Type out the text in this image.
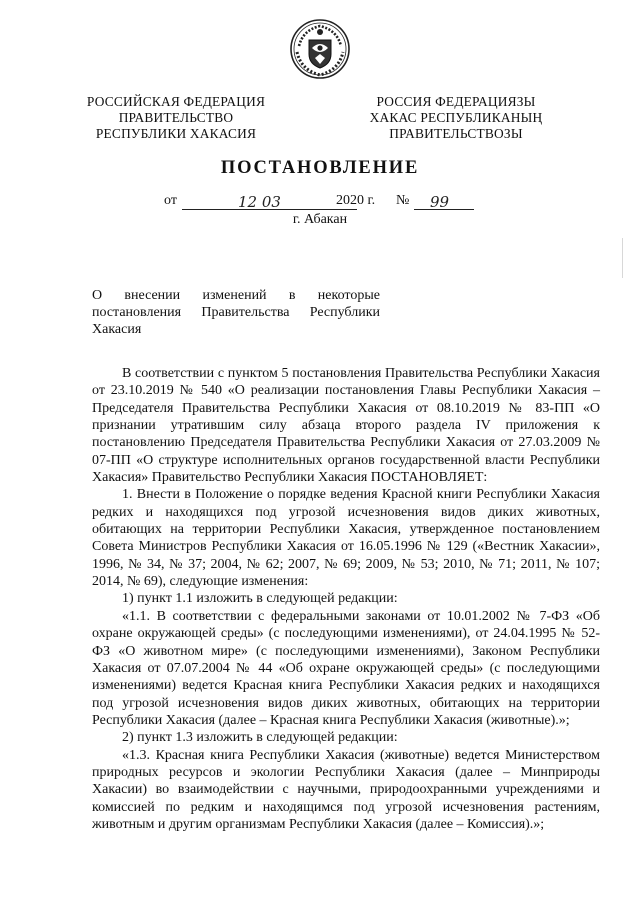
РОССИЙСКАЯ ФЕДЕРАЦИЯ
ПРАВИТЕЛЬСТВО
РЕСПУБЛИКИ ХАКАСИЯ
РОССИЯ ФЕДЕРАЦИЯЗЫ
ХАКАС РЕСПУБЛИКАНЫҢ
ПРАВИТЕЛЬСТВОЗЫ
ПОСТАНОВЛЕНИЕ
от	12 03	2020 г. № 99
г. Абакан
О внесении изменений в некоторые
постановления Правительства Республики
Хакасия

В соответствии с пунктом 5 постановления Правительства Республики Хакасия от 23.10.2019 № 540 «О реализации постановления Главы Республики Хакасия – Председателя Правительства Республики Хакасия от 08.10.2019 № 83-ПП «О признании утратившим силу абзаца второго раздела IV приложения к постановлению Председателя Правительства Республики Хакасия от 27.03.2009 № 07-ПП «О структуре исполнительных органов государственной власти Республики Хакасия» Правительство Республики Хакасия ПОСТАНОВЛЯЕТ:

1. Внести в Положение о порядке ведения Красной книги Республики Хакасия редких и находящихся под угрозой исчезновения видов диких животных, обитающих на территории Республики Хакасия, утвержденное постановлением Совета Министров Республики Хакасия от 16.05.1996 № 129 («Вестник Хакасии», 1996, № 34, № 37; 2004, № 62; 2007, № 69; 2009, № 53; 2010, № 71; 2011, № 107; 2014, № 69), следующие изменения:

1) пункт 1.1 изложить в следующей редакции:

«1.1. В соответствии с федеральными законами от 10.01.2002 № 7-ФЗ «Об охране окружающей среды» (с последующими изменениями), от 24.04.1995 № 52-ФЗ «О животном мире» (с последующими изменениями), Законом Республики Хакасия от 07.07.2004 № 44 «Об охране окружающей среды» (с последующими изменениями) ведется Красная книга Республики Хакасия редких и находящихся под угрозой исчезновения видов диких животных, обитающих на территории Республики Хакасия (далее – Красная книга Республики Хакасия (животные).»;

2) пункт 1.3 изложить в следующей редакции:

«1.3. Красная книга Республики Хакасия (животные) ведется Министерством природных ресурсов и экологии Республики Хакасия (далее – Минприроды Хакасии) во взаимодействии с научными, природоохранными учреждениями и комиссией по редким и находящимся под угрозой исчезновения растениям, животным и другим организмам Республики Хакасия (далее – Комиссия).»;
